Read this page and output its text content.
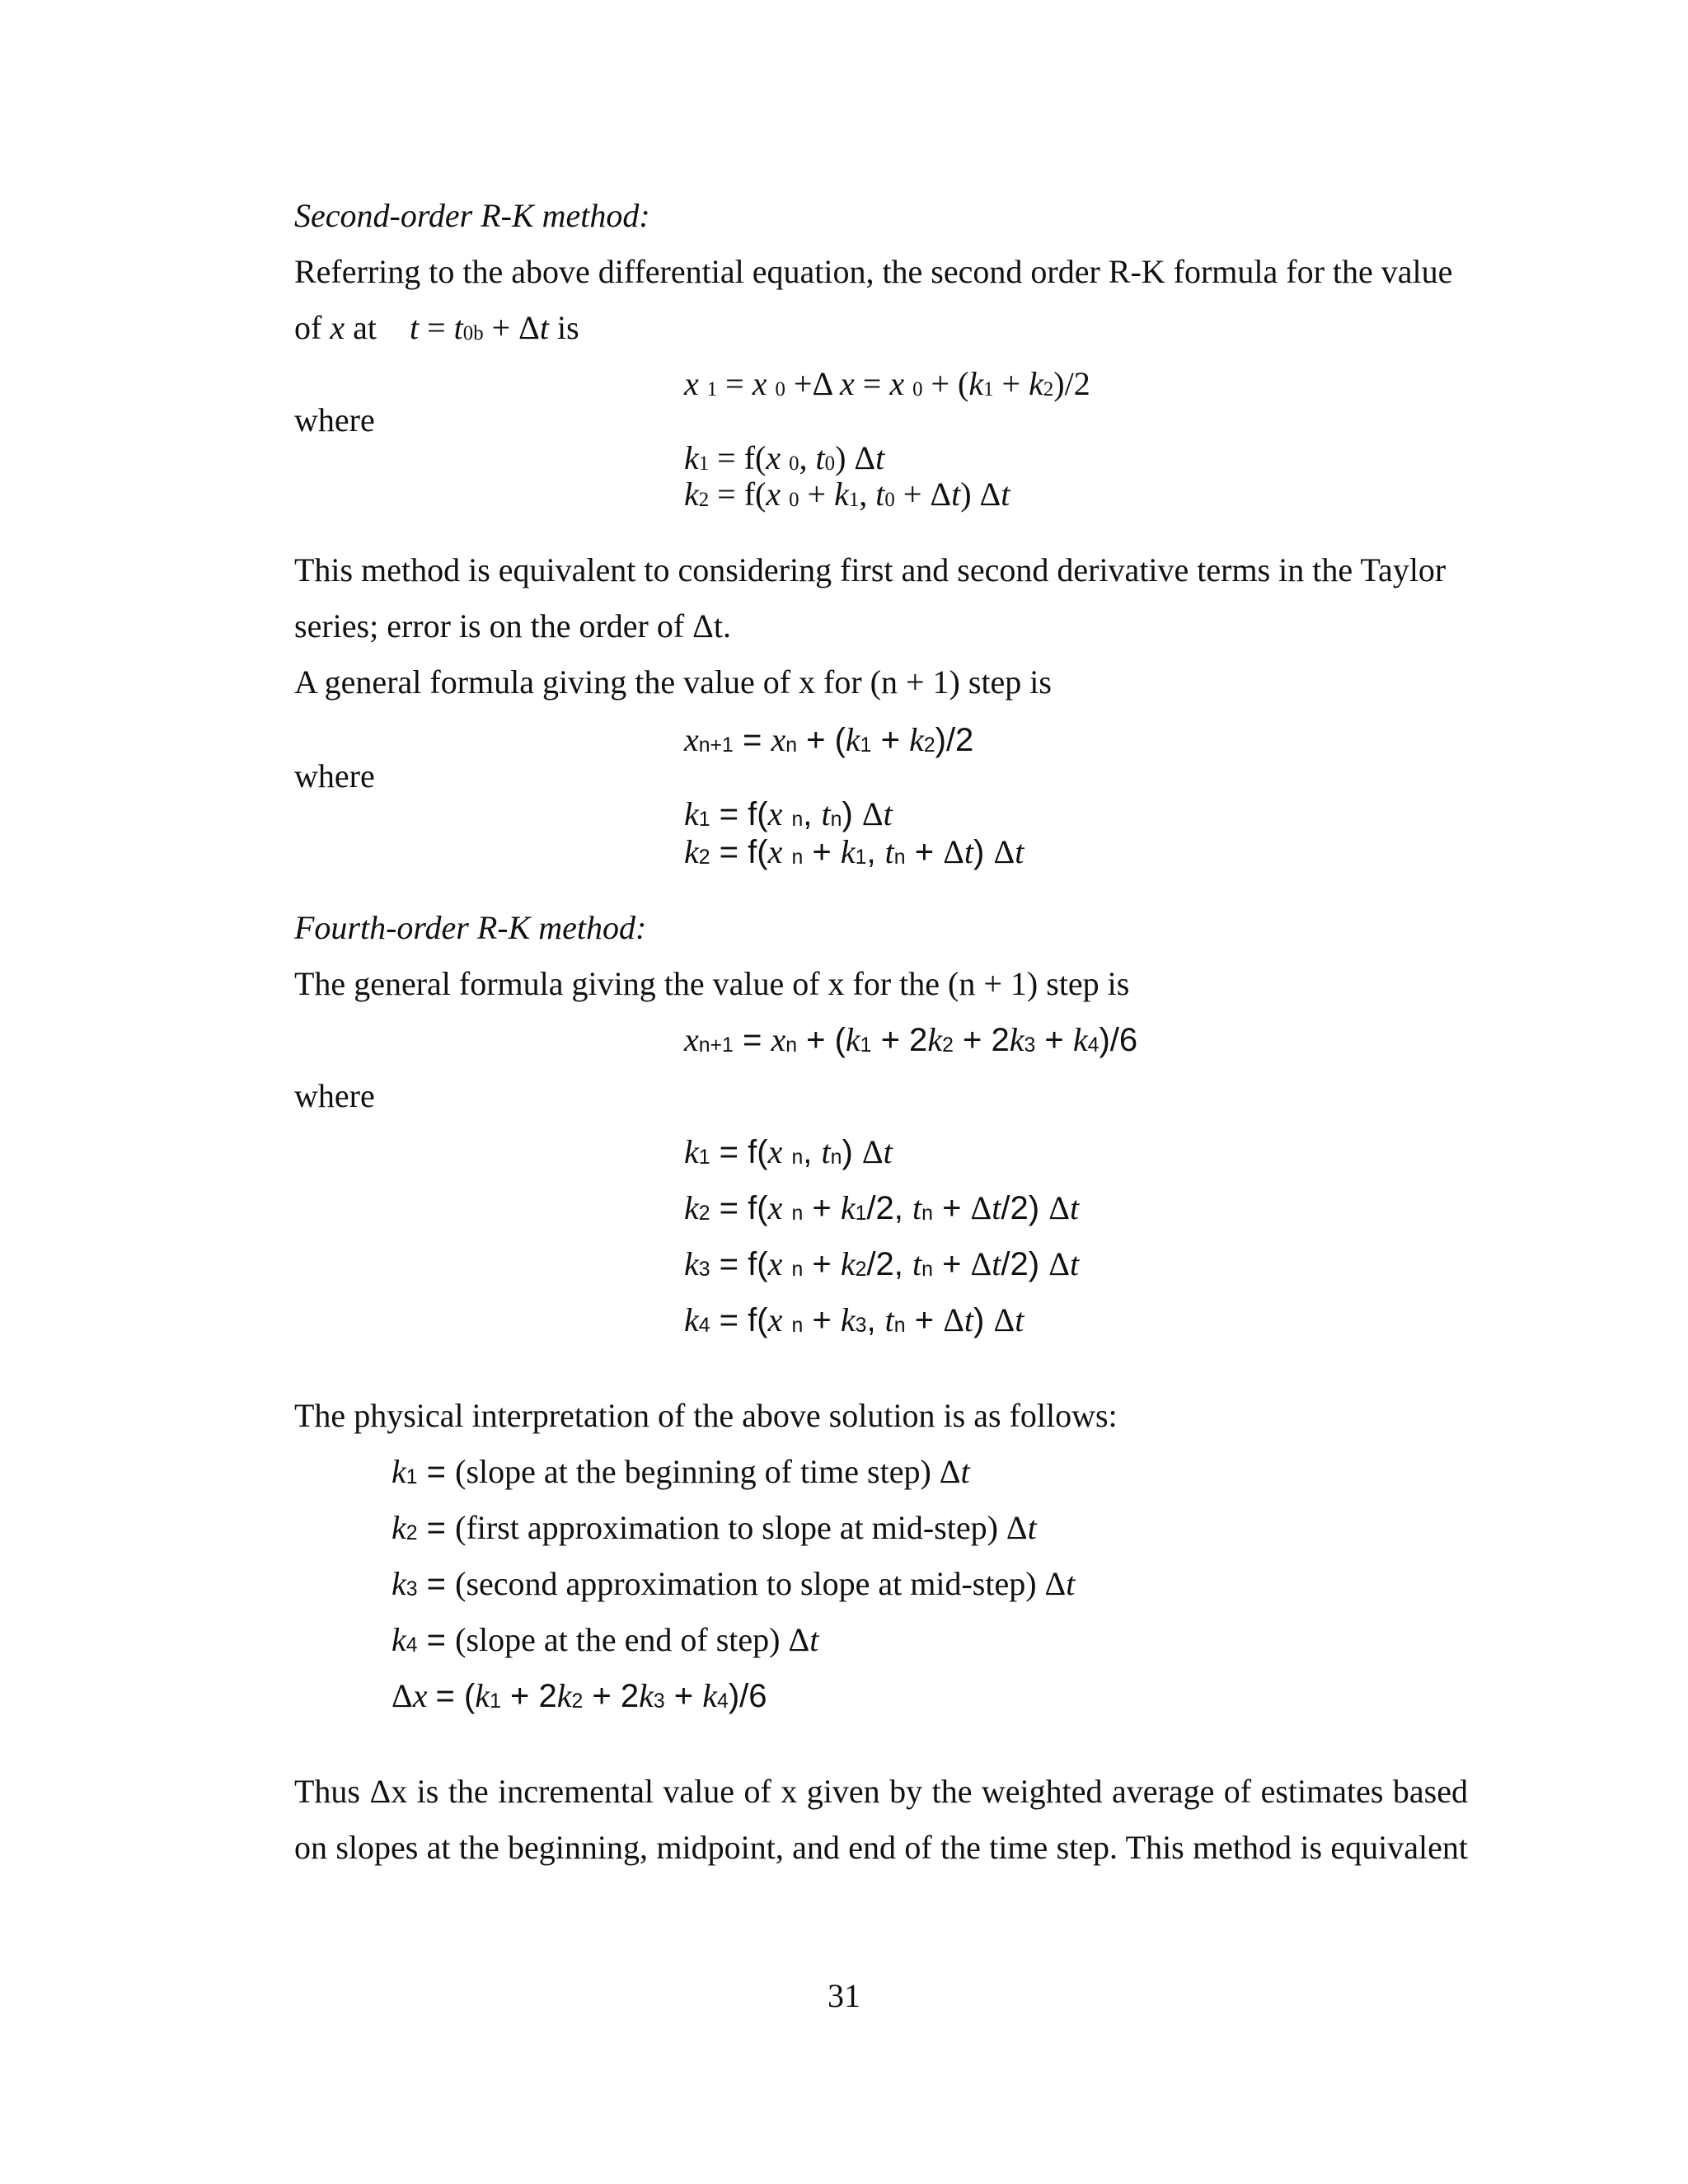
Second-order R-K method:
Referring to the above differential equation, the second order R-K formula for the value
of x at $t = t_{0b} + \Delta t$ is
x $_1$ = x $_0$ +Δ x = x $_0 + (k_1 + k_2)/2$
where
$k_1 = f(x$ $_0$, $t_0$) Δt
$k_2 = f(x$ $_0 + k_1$, $t_0 + \Delta t$) Δt
This method is equivalent to considering first and second derivative terms in the Taylor
series; error is on the order of Δt.
A general formula giving the value of x for (n + 1) step is
$x_{n+1} = x_n + (k_1 + k_2)/2$
where
$k_1 = f(x$ $_n$, $t_n$) Δt
$k_2 = f(x$ $_n + k_1$, $t_n + \Delta t$) Δt
Fourth-order R-K method:
The general formula giving the value of x for the (n + 1) step is
$x_{n+1} = x_n + (k_1 + 2k_2 + 2k_3 + k_4)/6$
where
$k_1 = f(x$ $_n$, $t_n$) Δt
$k_2 = f(x$ $_n + k_1/2$, $t_n + \Delta t/2$) Δt
$k_3 = f(x$ $_n + k_2/2$, $t_n + \Delta t/2$) Δt
$k_4 = f(x$ $_n + k_3$, $t_n + \Delta t$) Δt
The physical interpretation of the above solution is as follows:
$k_1$ = (slope at the beginning of time step) Δt
$k_2$ = (first approximation to slope at mid-step) Δt
$k_3$ = (second approximation to slope at mid-step) Δt
$k_4$ = (slope at the end of step) Δt
$\Delta x = (k_1 + 2k_2 + 2k_3 + k_4)/6$
Thus Δx is the incremental value of x given by the weighted average of estimates based
on slopes at the beginning, midpoint, and end of the time step. This method is equivalent
31
